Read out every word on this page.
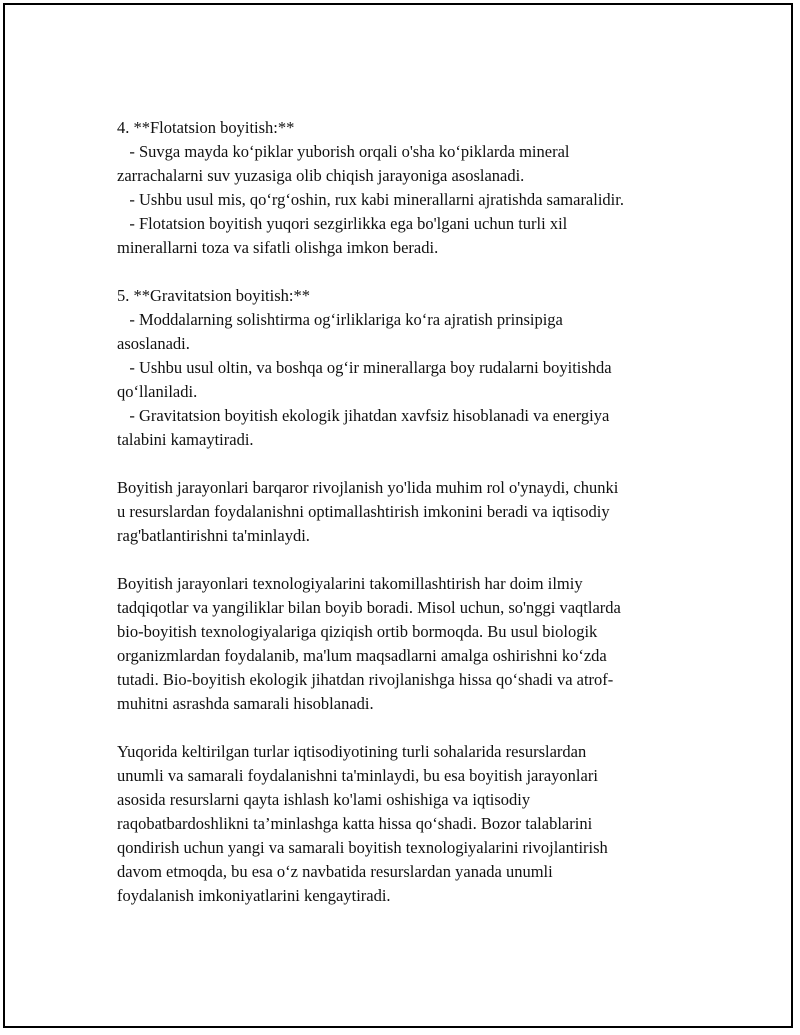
4. **Flotatsion boyitish:**
- Suvga mayda ko‘piklar yuborish orqali o'sha ko‘piklarda mineral
zarrachalarni suv yuzasiga olib chiqish jarayoniga asoslanadi.
- Ushbu usul mis, qo‘rg‘oshin, rux kabi minerallarni ajratishda samaralidir.
- Flotatsion boyitish yuqori sezgirlikka ega bo'lgani uchun turli xil
minerallarni toza va sifatli olishga imkon beradi.
5. **Gravitatsion boyitish:**
- Moddalarning solishtirma og‘irliklariga ko‘ra ajratish prinsipiga
asoslanadi.
- Ushbu usul oltin, va boshqa og‘ir minerallarga boy rudalarni boyitishda
qo‘llaniladi.
- Gravitatsion boyitish ekologik jihatdan xavfsiz hisoblanadi va energiya
talabini kamaytiradi.
Boyitish jarayonlari barqaror rivojlanish yo'lida muhim rol o'ynaydi, chunki
u resurslardan foydalanishni optimallashtirish imkonini beradi va iqtisodiy
rag'batlantirishni ta'minlaydi.
Boyitish jarayonlari texnologiyalarini takomillashtirish har doim ilmiy
tadqiqotlar va yangiliklar bilan boyib boradi. Misol uchun, so'nggi vaqtlarda
bio-boyitish texnologiyalariga qiziqish ortib bormoqda. Bu usul biologik
organizmlardan foydalanib, ma'lum maqsadlarni amalga oshirishni ko‘zda
tutadi. Bio-boyitish ekologik jihatdan rivojlanishga hissa qo‘shadi va atrof-
muhitni asrashda samarali hisoblanadi.
Yuqorida keltirilgan turlar iqtisodiyotining turli sohalarida resurslardan
unumli va samarali foydalanishni ta'minlaydi, bu esa boyitish jarayonlari
asosida resurslarni qayta ishlash ko'lami oshishiga va iqtisodiy
raqobatbardoshlikni ta’minlashga katta hissa qo‘shadi. Bozor talablarini
qondirish uchun yangi va samarali boyitish texnologiyalarini rivojlantirish
davom etmoqda, bu esa o‘z navbatida resurslardan yanada unumli
foydalanish imkoniyatlarini kengaytiradi.
